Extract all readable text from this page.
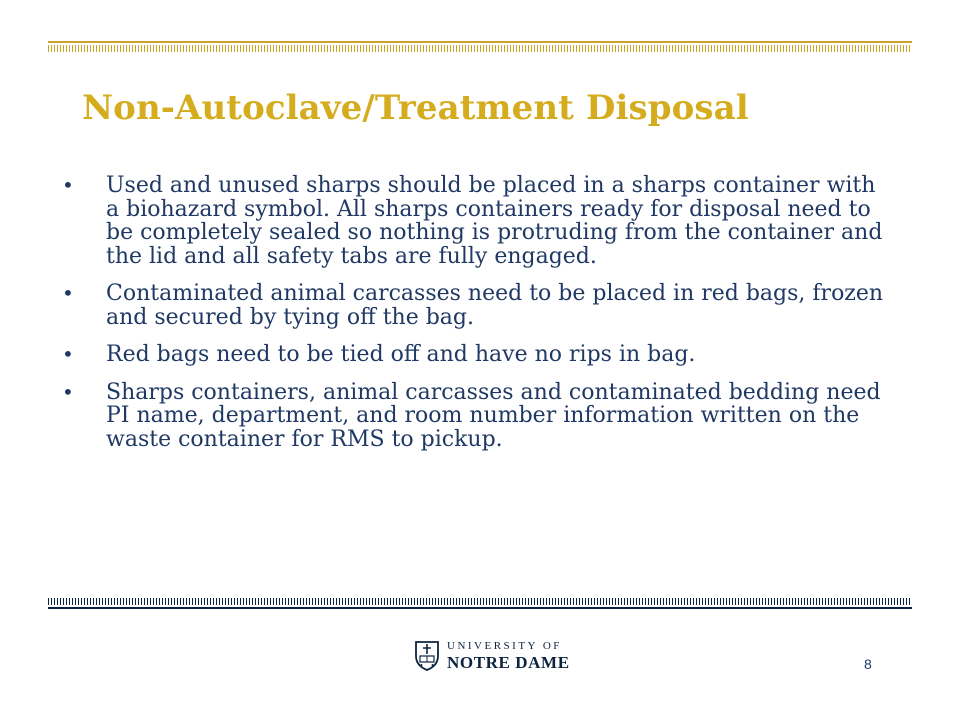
Non-Autoclave/Treatment Disposal
•	Used and unused sharps should be placed in a sharps container with a biohazard symbol. All sharps containers ready for disposal need to be completely sealed so nothing is protruding from the container and the lid and all safety tabs are fully engaged.
•	Contaminated animal carcasses need to be placed in red bags, frozen and secured by tying off the bag.
•	Red bags need to be tied off and have no rips in bag.
•	Sharps containers, animal carcasses and contaminated bedding need PI name, department, and room number information written on the waste container for RMS to pickup.
UNIVERSITY OF
NOTRE DAME	8
